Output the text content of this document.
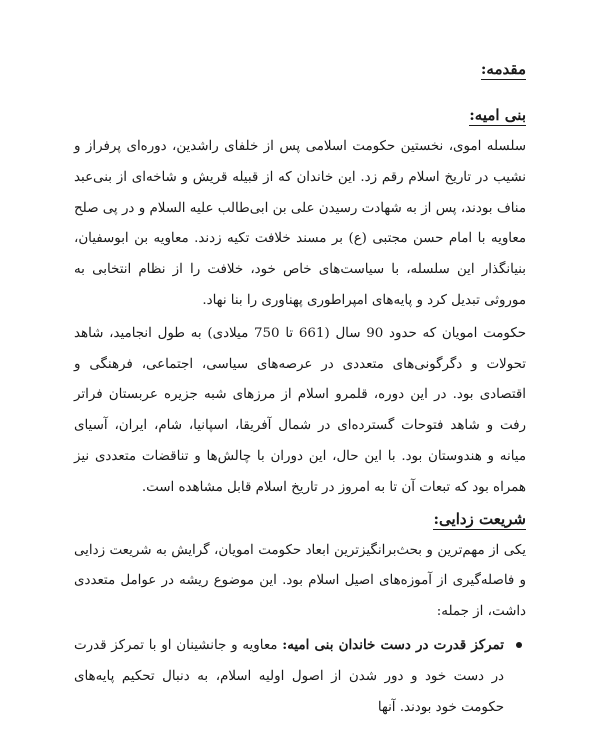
مقدمه:
بنی امیه:

سلسله اموی، نخستین حکومت اسلامی پس از خلفای راشدین، دوره‌ای پرفراز و نشیب در تاریخ اسلام رقم زد. این خاندان که از قبیله قریش و شاخه‌ای از بنی‌عبد مناف بودند، پس از به شهادت رسیدن علی بن ابی‌طالب علیه السلام و در پی صلح معاویه با امام حسن مجتبی (ع) بر مسند خلافت تکیه زدند. معاویه بن ابوسفیان، بنیانگذار این سلسله، با سیاست‌های خاص خود، خلافت را از نظام انتخابی به موروثی تبدیل کرد و پایه‌های امپراطوری پهناوری را بنا نهاد.

حکومت امویان که حدود 90 سال (661 تا 750 میلادی) به طول انجامید، شاهد تحولات و دگرگونی‌های متعددی در عرصه‌های سیاسی، اجتماعی، فرهنگی و اقتصادی بود. در این دوره، قلمرو اسلام از مرزهای شبه جزیره عربستان فراتر رفت و شاهد فتوحات گسترده‌ای در شمال آفریقا، اسپانیا، شام، ایران، آسیای میانه و هندوستان بود. با این حال، این دوران با چالش‌ها و تناقضات متعددی نیز همراه بود که تبعات آن تا به امروز در تاریخ اسلام قابل مشاهده است.

شریعت زدایی:

یکی از مهم‌ترین و بحث‌برانگیزترین ابعاد حکومت امویان، گرایش به شریعت زدایی و فاصله‌گیری از آموزه‌های اصیل اسلام بود. این موضوع ریشه در عوامل متعددی داشت، از جمله:

تمرکز قدرت در دست خاندان بنی امیه: معاویه و جانشینان او با تمرکز قدرت در دست خود و دور شدن از اصول اولیه اسلام، به دنبال تحکیم پایه‌های حکومت خود بودند. آنها
